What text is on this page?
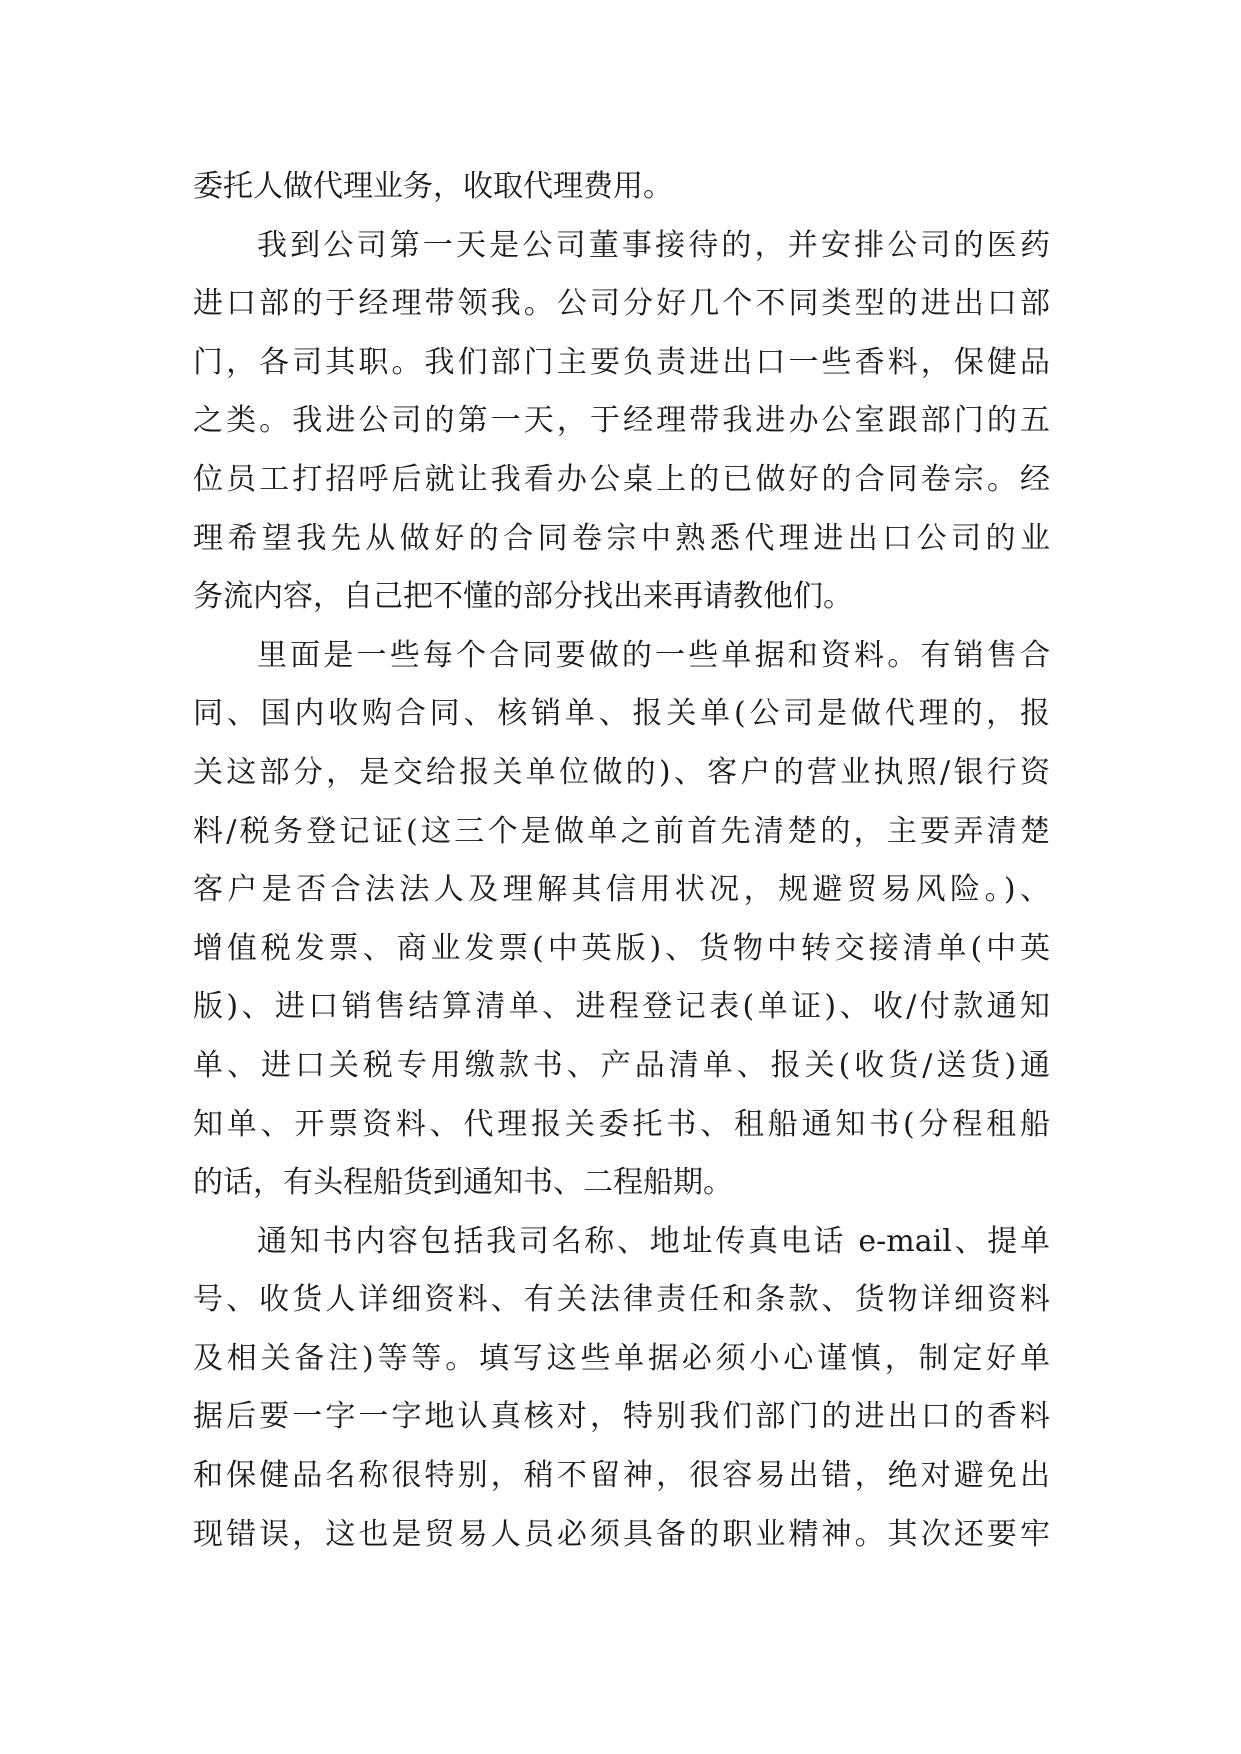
委托人做代理业务，收取代理费用。
我到公司第一天是公司董事接待的，并安排公司的医药
进口部的于经理带领我。公司分好几个不同类型的进出口部
门，各司其职。我们部门主要负责进出口一些香料，保健品
之类。我进公司的第一天，于经理带我进办公室跟部门的五
位员工打招呼后就让我看办公桌上的已做好的合同卷宗。经
理希望我先从做好的合同卷宗中熟悉代理进出口公司的业
务流内容，自己把不懂的部分找出来再请教他们。
里面是一些每个合同要做的一些单据和资料。有销售合
同、国内收购合同、核销单、报关单(公司是做代理的，报
关这部分，是交给报关单位做的)、客户的营业执照/银行资
料/税务登记证(这三个是做单之前首先清楚的，主要弄清楚
客户是否合法法人及理解其信用状况，规避贸易风险。)、
增值税发票、商业发票(中英版)、货物中转交接清单(中英
版)、进口销售结算清单、进程登记表(单证)、收/付款通知
单、进口关税专用缴款书、产品清单、报关(收货/送货)通
知单、开票资料、代理报关委托书、租船通知书(分程租船
的话，有头程船货到通知书、二程船期。
通知书内容包括我司名称、地址传真电话 e-mail、提单
号、收货人详细资料、有关法律责任和条款、货物详细资料
及相关备注)等等。填写这些单据必须小心谨慎，制定好单
据后要一字一字地认真核对，特别我们部门的进出口的香料
和保健品名称很特别，稍不留神，很容易出错，绝对避免出
现错误，这也是贸易人员必须具备的职业精神。其次还要牢
